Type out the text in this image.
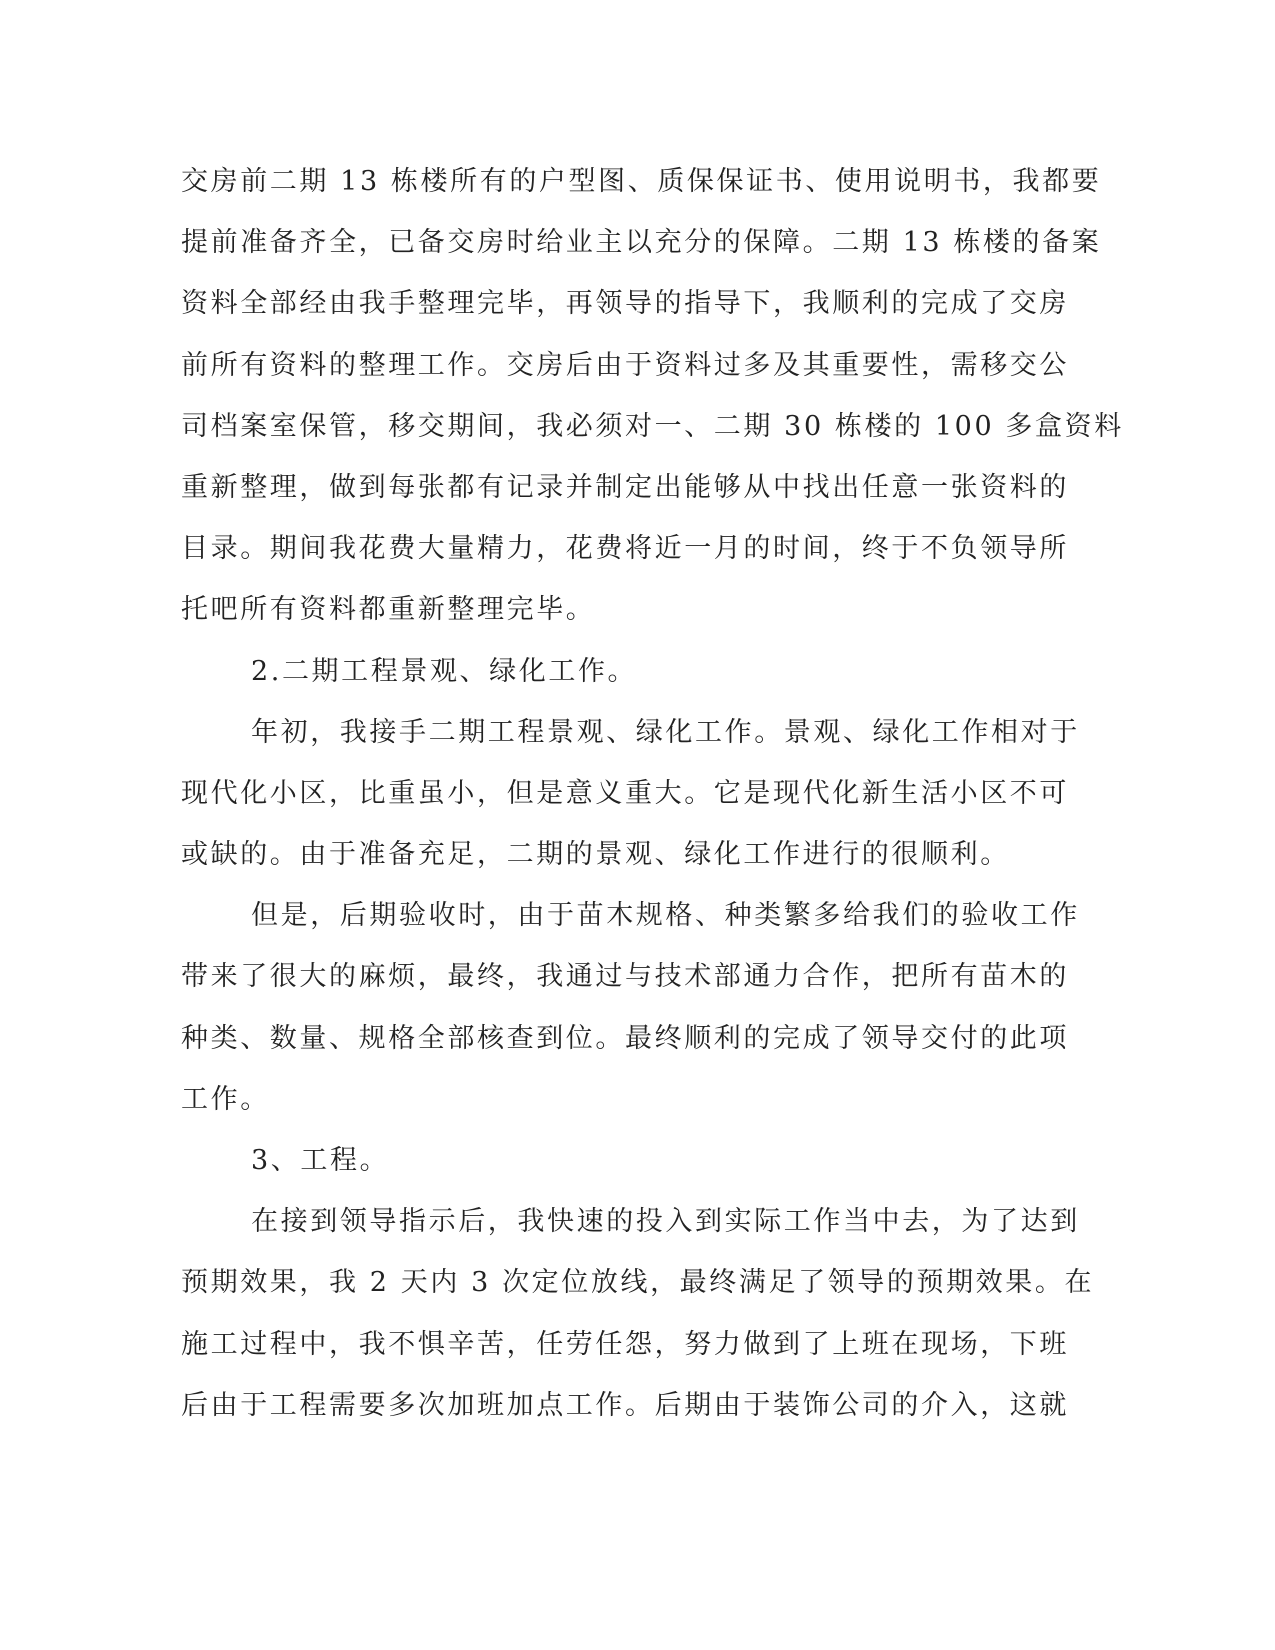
交房前二期 13 栋楼所有的户型图、质保保证书、使用说明书，我都要
提前准备齐全，已备交房时给业主以充分的保障。二期 13 栋楼的备案
资料全部经由我手整理完毕，再领导的指导下，我顺利的完成了交房
前所有资料的整理工作。交房后由于资料过多及其重要性，需移交公
司档案室保管，移交期间，我必须对一、二期 30 栋楼的 100 多盒资料
重新整理，做到每张都有记录并制定出能够从中找出任意一张资料的
目录。期间我花费大量精力，花费将近一月的时间，终于不负领导所
托吧所有资料都重新整理完毕。
2.二期工程景观、绿化工作。
年初，我接手二期工程景观、绿化工作。景观、绿化工作相对于
现代化小区，比重虽小，但是意义重大。它是现代化新生活小区不可
或缺的。由于准备充足，二期的景观、绿化工作进行的很顺利。
但是，后期验收时，由于苗木规格、种类繁多给我们的验收工作
带来了很大的麻烦，最终，我通过与技术部通力合作，把所有苗木的
种类、数量、规格全部核查到位。最终顺利的完成了领导交付的此项
工作。
3、工程。
在接到领导指示后，我快速的投入到实际工作当中去，为了达到
预期效果，我 2 天内 3 次定位放线，最终满足了领导的预期效果。在
施工过程中，我不惧辛苦，任劳任怨，努力做到了上班在现场，下班
后由于工程需要多次加班加点工作。后期由于装饰公司的介入，这就
